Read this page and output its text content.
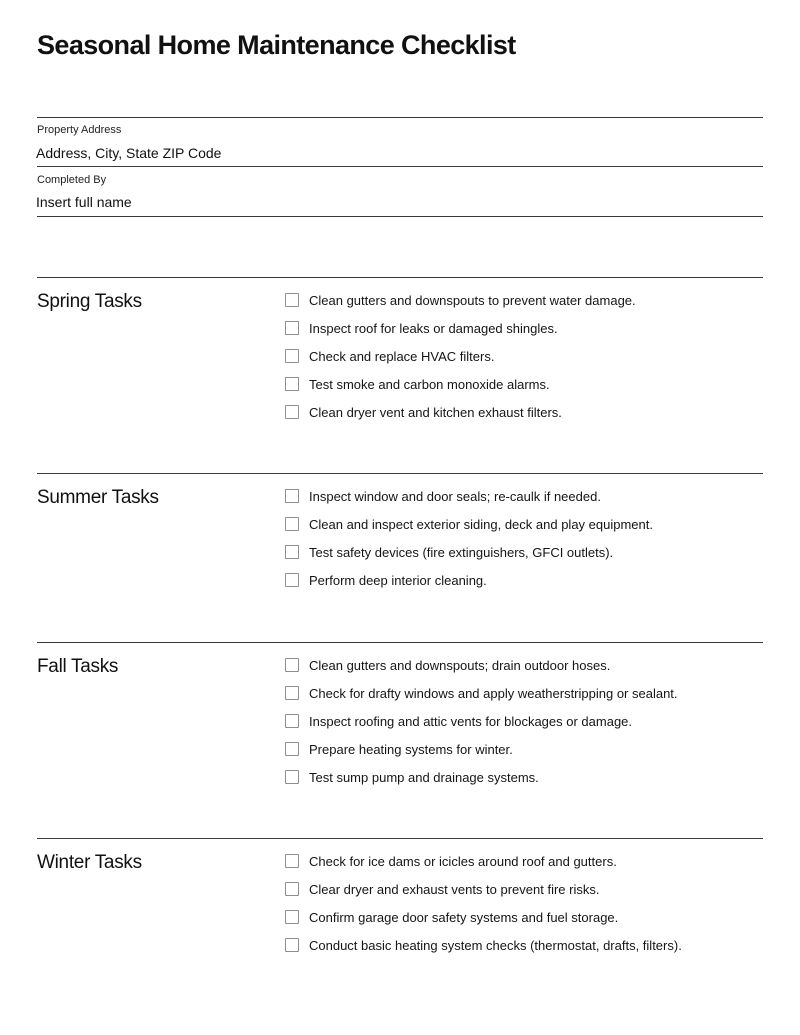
Seasonal Home Maintenance Checklist
Property Address
Address, City, State ZIP Code
Completed By
Insert full name
Spring Tasks	Clean gutters and downspouts to prevent water damage.
Inspect roof for leaks or damaged shingles.
Check and replace HVAC filters.
Test smoke and carbon monoxide alarms.
Clean dryer vent and kitchen exhaust filters.
Summer Tasks	Inspect window and door seals; re-caulk if needed.
Clean and inspect exterior siding, deck and play equipment.
Test safety devices (fire extinguishers, GFCI outlets).
Perform deep interior cleaning.
Fall Tasks	Clean gutters and downspouts; drain outdoor hoses.
Check for drafty windows and apply weatherstripping or sealant.
Inspect roofing and attic vents for blockages or damage.
Prepare heating systems for winter.
Test sump pump and drainage systems.
Winter Tasks	Check for ice dams or icicles around roof and gutters.
Clear dryer and exhaust vents to prevent fire risks.
Confirm garage door safety systems and fuel storage.
Conduct basic heating system checks (thermostat, drafts, filters).
